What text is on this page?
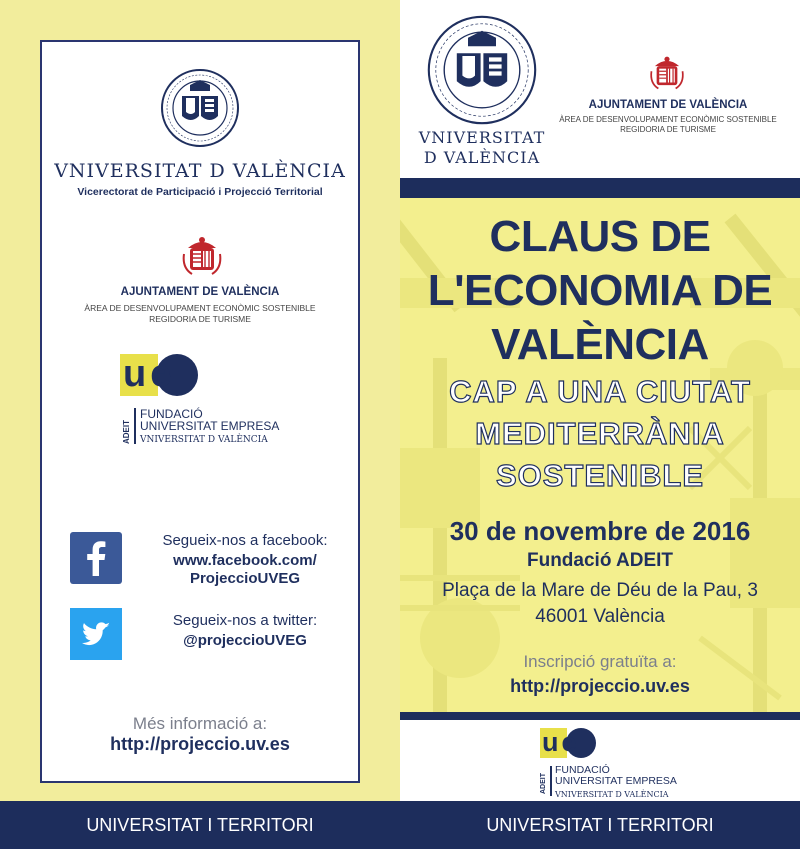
VNIVERSITAT D VALÈNCIA
Vicerectorat de Participació i Projecció Territorial
AJUNTAMENT DE VALÈNCIA
ÀREA DE DESENVOLUPAMENT ECONÒMIC SOSTENIBLE
REGIDORIA DE TURISME
ue
ADEIT
FUNDACIÓ
UNIVERSITAT EMPRESA
VNIVERSITAT D VALÈNCIA
Segueix-nos a facebook:
www.facebook.com/
ProjeccioUVEG
Segueix-nos a twitter:
@projeccioUVEG
Més informació a:
http://projeccio.uv.es
UNIVERSITAT I TERRITORI
VNIVERSITAT
D VALÈNCIA
AJUNTAMENT DE VALÈNCIA
ÀREA DE DESENVOLUPAMENT ECONÒMIC SOSTENIBLE
REGIDORIA DE TURISME
CLAUS DE
L'ECONOMIA DE
VALÈNCIA
CAP A UNA CIUTAT
MEDITERRÀNIA
SOSTENIBLE
30 de novembre de 2016
Fundació ADEIT
Plaça de la Mare de Déu de la Pau, 3
46001 València
Inscripció gratuïta a:
http://projeccio.uv.es
ue
ADEIT
FUNDACIÓ
UNIVERSITAT EMPRESA
VNIVERSITAT D VALÈNCIA
UNIVERSITAT I TERRITORI
